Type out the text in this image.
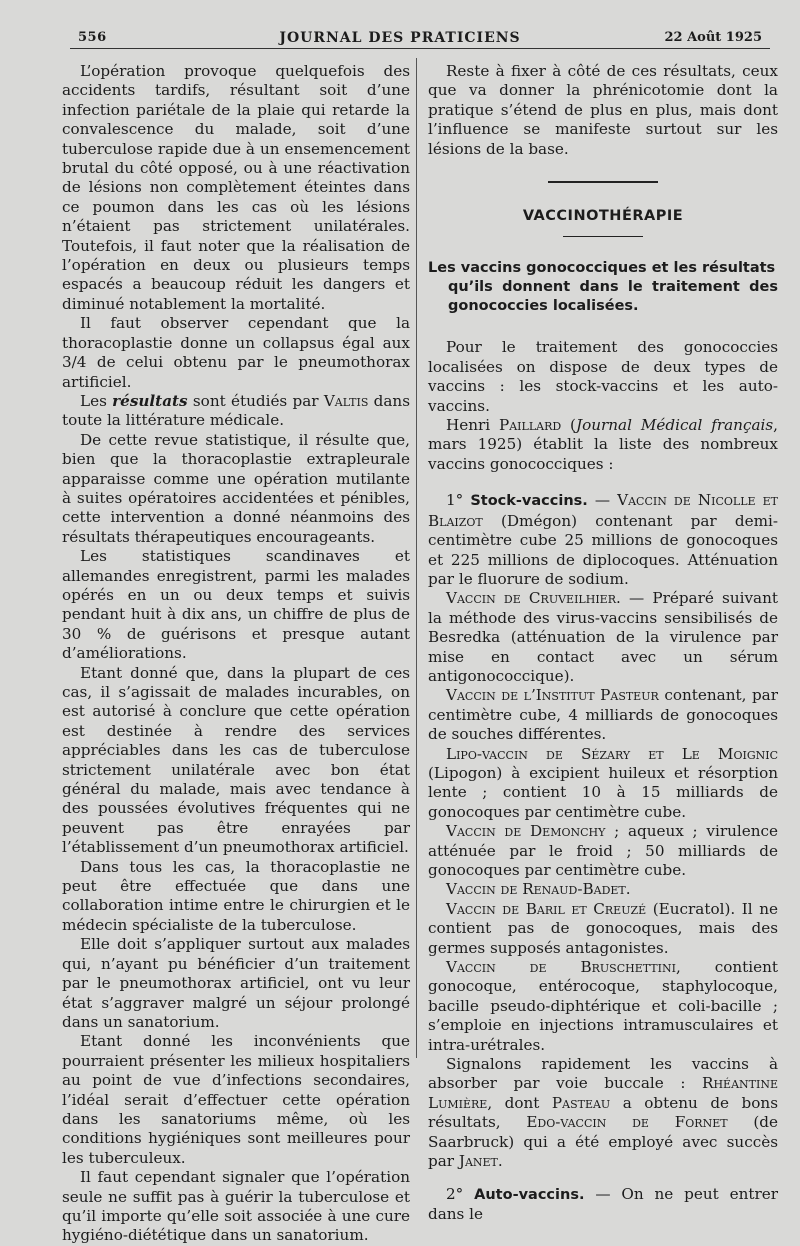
556	JOURNAL DES PRATICIENS	22 Août 1925

L’opération provoque quelquefois des accidents tardifs, résultant soit d’une infection pariétale de la plaie qui retarde la convalescence du malade, soit d’une tuberculose rapide due à un ensemencement brutal du côté opposé, ou à une réactivation de lésions non complètement éteintes dans ce poumon dans les cas où les lésions n’étaient pas strictement unilatérales. Toutefois, il faut noter que la réalisation de l’opération en deux ou plusieurs temps espacés a beaucoup réduit les dangers et diminué notablement la mortalité.

Il faut observer cependant que la thoracoplastie donne un collapsus égal aux 3/4 de celui obtenu par le pneumothorax artificiel.

Les résultats sont étudiés par Valtis dans toute la littérature médicale.

De cette revue statistique, il résulte que, bien que la thoracoplastie extrapleurale apparaisse comme une opération mutilante à suites opératoires accidentées et pénibles, cette intervention a donné néanmoins des résultats thérapeutiques encourageants.

Les statistiques scandinaves et allemandes enregistrent, parmi les malades opérés en un ou deux temps et suivis pendant huit à dix ans, un chiffre de plus de 30 % de guérisons et presque autant d’améliorations.

Etant donné que, dans la plupart de ces cas, il s’agissait de malades incurables, on est autorisé à conclure que cette opération est destinée à rendre des services appréciables dans les cas de tuberculose strictement unilatérale avec bon état général du malade, mais avec tendance à des poussées évolutives fréquentes qui ne peuvent pas être enrayées par l’établissement d’un pneumothorax artificiel.

Dans tous les cas, la thoracoplastie ne peut être effectuée que dans une collaboration intime entre le chirurgien et le médecin spécialiste de la tuberculose.

Elle doit s’appliquer surtout aux malades qui, n’ayant pu bénéficier d’un traitement par le pneumothorax artificiel, ont vu leur état s’aggraver malgré un séjour prolongé dans un sanatorium.

Etant donné les inconvénients que pourraient présenter les milieux hospitaliers au point de vue d’infections secondaires, l’idéal serait d’effectuer cette opération dans les sanatoriums même, où les conditions hygiéniques sont meilleures pour les tuberculeux.

Il faut cependant signaler que l’opération seule ne suffit pas à guérir la tuberculose et qu’il importe qu’elle soit associée à une cure hygiéno-diététique dans un sanatorium.

Reste à fixer à côté de ces résultats, ceux que va donner la phrénicotomie dont la pratique s’étend de plus en plus, mais dont l’influence se manifeste surtout sur les lésions de la base.

VACCINOTHÉRAPIE
Les vaccins gonococciques et les résultats
qu’ils donnent dans le traitement des gonococcies localisées.

Pour le traitement des gonococcies localisées on dispose de deux types de vaccins : les stock-vaccins et les auto-vaccins.

Henri Paillard (Journal Médical français, mars 1925) établit la liste des nombreux vaccins gonococciques :

1° Stock-vaccins. — Vaccin de Nicolle et Blaizot (Dmégon) contenant par demi-centimètre cube 25 millions de gonocoques et 225 millions de diplocoques. Atténuation par le fluorure de sodium.

Vaccin de Cruveilhier. — Préparé suivant la méthode des virus-vaccins sensibilisés de Besredka (atténuation de la virulence par mise en contact avec un sérum antigonococcique).

Vaccin de l’Institut Pasteur contenant, par centimètre cube, 4 milliards de gonocoques de souches différentes.

Lipo-vaccin de Sézary et Le Moignic (Lipogon) à excipient huileux et résorption lente ; contient 10 à 15 milliards de gonocoques par centimètre cube.

Vaccin de Demonchy ; aqueux ; virulence atténuée par le froid ; 50 milliards de gonocoques par centimètre cube.

Vaccin de Renaud-Badet.

Vaccin de Baril et Creuzé (Eucratol). Il ne contient pas de gonocoques, mais des germes supposés antagonistes.

Vaccin de Bruschettini, contient gonocoque, entérocoque, staphylocoque, bacille pseudo-diphtérique et coli-bacille ; s’emploie en injections intramusculaires et intra-urétrales.

Signalons rapidement les vaccins à absorber par voie buccale : Rhéantine Lumière, dont Pasteau a obtenu de bons résultats, Edo-vaccin de Fornet (de Saarbruck) qui a été employé avec succès par Janet.

2° Auto-vaccins. — On ne peut entrer dans le
